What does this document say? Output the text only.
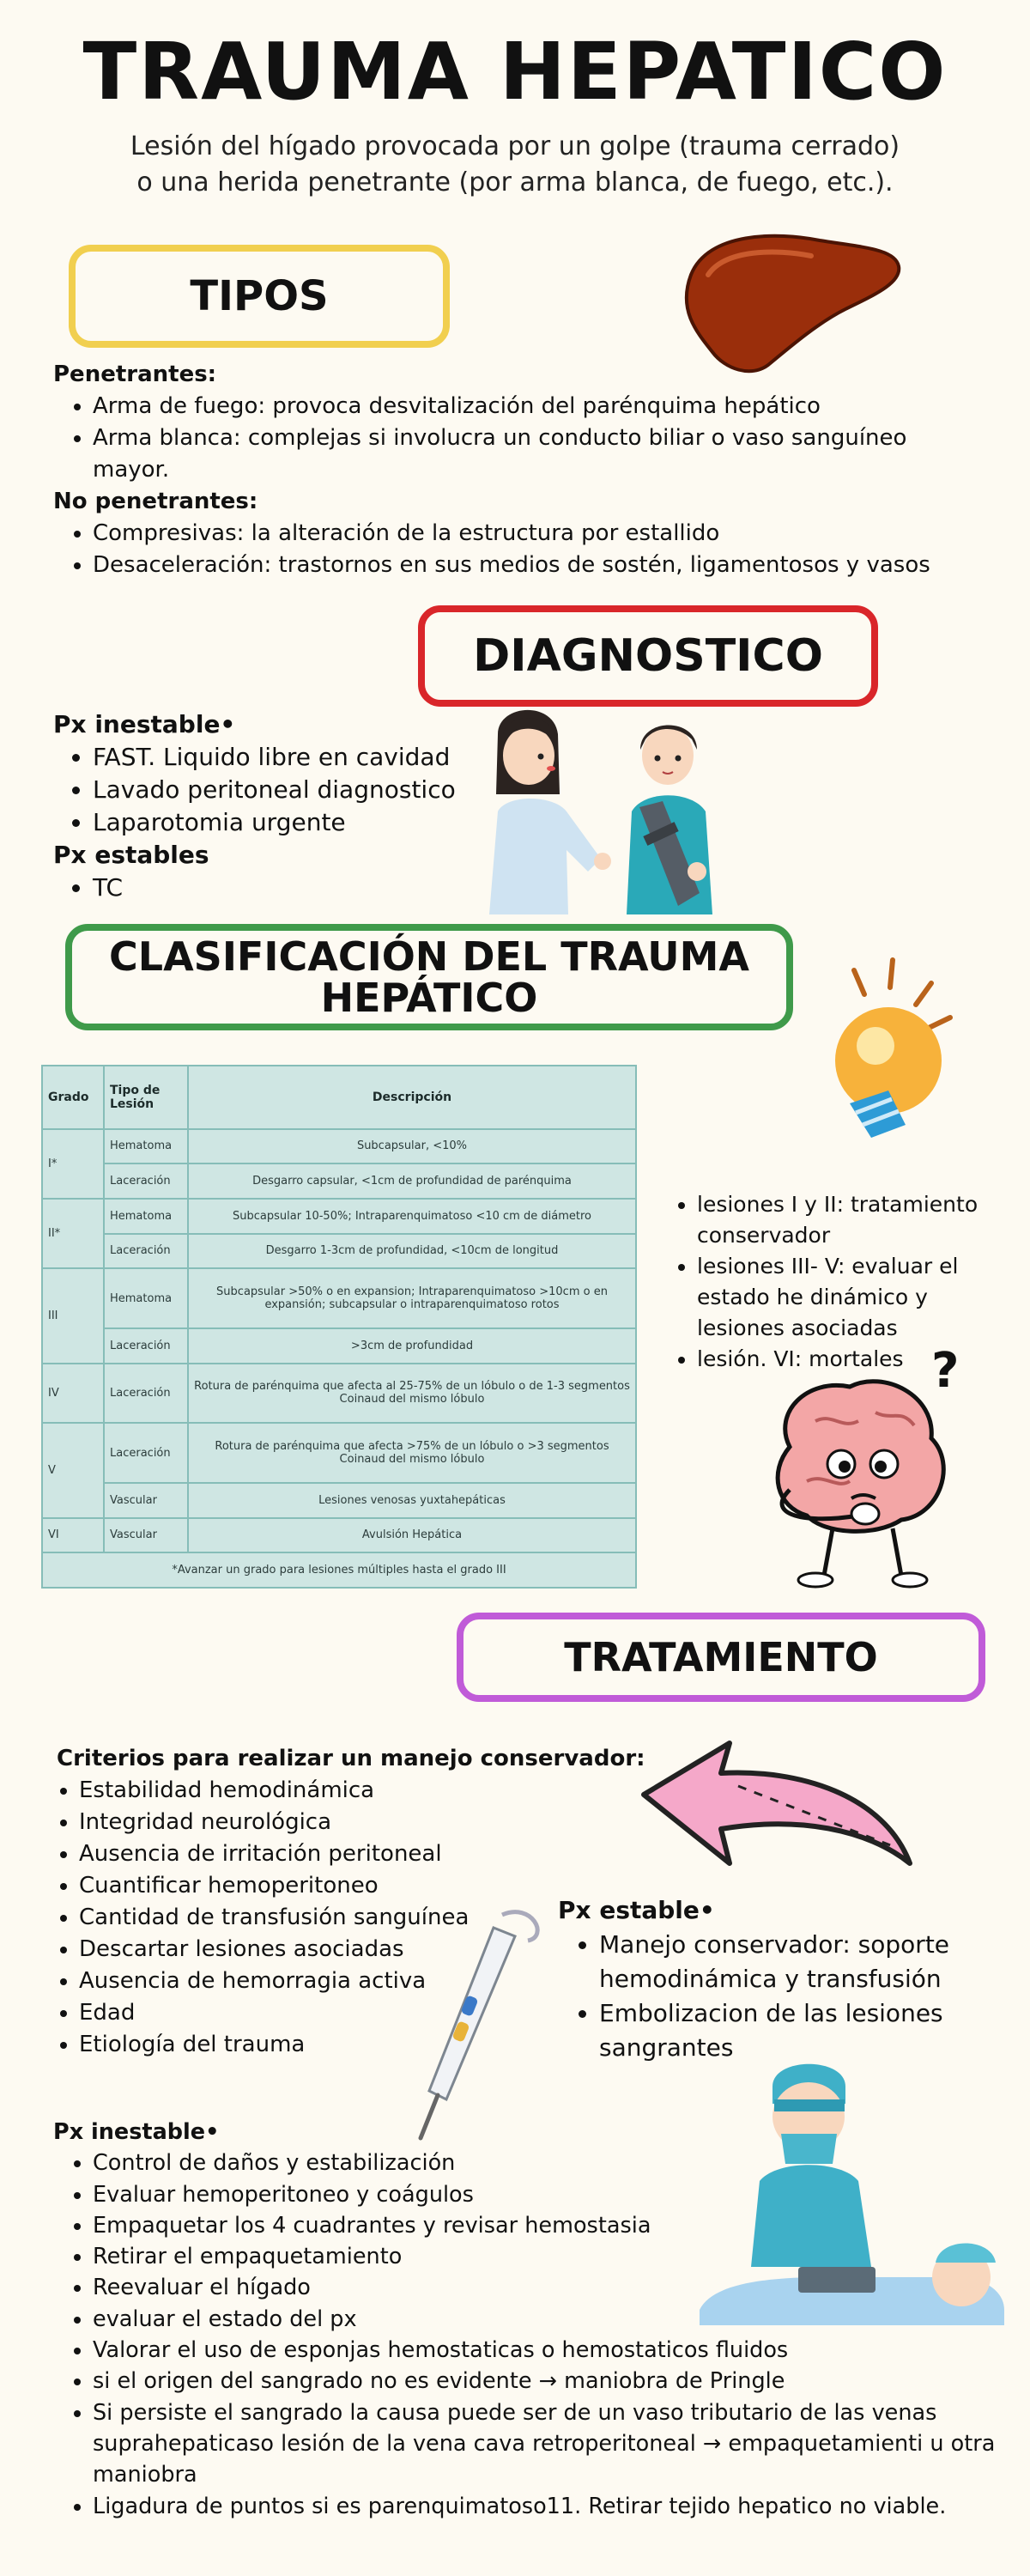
TRAUMA HEPATICO
Lesión del hígado provocada por un golpe (trauma cerrado)
o una herida penetrante (por arma blanca, de fuego, etc.).
TIPOS
Penetrantes:
• Arma de fuego: provoca desvitalización del parénquima hepático
• Arma blanca: complejas si involucra un conducto biliar o vaso sanguíneo mayor.
No penetrantes:
• Compresivas: la alteración de la estructura por estallido
• Desaceleración: trastornos en sus medios de sostén, ligamentosos y vasos
DIAGNOSTICO
Px inestable•
• FAST. Liquido libre en cavidad
• Lavado peritoneal diagnostico
• Laparotomia urgente
Px estables
• TC
CLASIFICACIÓN DEL TRAUMA HEPÁTICO
Grado	Tipo de Lesión	Descripción
I*	Hematoma	Subcapsular, <10%
	Laceración	Desgarro capsular, <1cm de profundidad de parénquima
II*	Hematoma	Subcapsular 10-50%; Intraparenquimatoso <10 cm de diámetro
	Laceración	Desgarro 1-3cm de profundidad, <10cm de longitud
III	Hematoma	Subcapsular >50% o en expansion; Intraparenquimatoso >10cm o en expansión; subcapsular o intraparenquimatoso rotos
	Laceración	>3cm de profundidad
IV	Laceración	Rotura de parénquima que afecta al 25-75% de un lóbulo o de 1-3 segmentos Coinaud del mismo lóbulo
V	Laceración	Rotura de parénquima que afecta >75% de un lóbulo o >3 segmentos Coinaud del mismo lóbulo
	Vascular	Lesiones venosas yuxtahepáticas
VI	Vascular	Avulsión Hepática
*Avanzar un grado para lesiones múltiples hasta el grado III		
• lesiones I y II: tratamiento conservador
• lesiones III- V: evaluar el estado he dinámico y lesiones asociadas
• lesión. VI: mortales ?
TRATAMIENTO
Criterios para realizar un manejo conservador:
• Estabilidad hemodinámica
• Integridad neurológica
• Ausencia de irritación peritoneal
• Cuantificar hemoperitoneo
• Cantidad de transfusión sanguínea
• Descartar lesiones asociadas
• Ausencia de hemorragia activa
• Edad
• Etiología del trauma
Px estable•
• Manejo conservador: soporte hemodinámica y transfusión
• Embolizacion de las lesiones sangrantes
Px inestable•
• Control de daños y estabilización
• Evaluar hemoperitoneo y coágulos
• Empaquetar los 4 cuadrantes y revisar hemostasia
• Retirar el empaquetamiento
• Reevaluar el hígado
• evaluar el estado del px
• Valorar el uso de esponjas hemostaticas o hemostaticos fluidos
• si el origen del sangrado no es evidente → maniobra de Pringle
• Si persiste el sangrado la causa puede ser de un vaso tributario de las venas suprahepaticaso lesión de la vena cava retroperitoneal → empaquetamienti u otra maniobra
• Ligadura de puntos si es parenquimatoso11. Retirar tejido hepatico no viable.
